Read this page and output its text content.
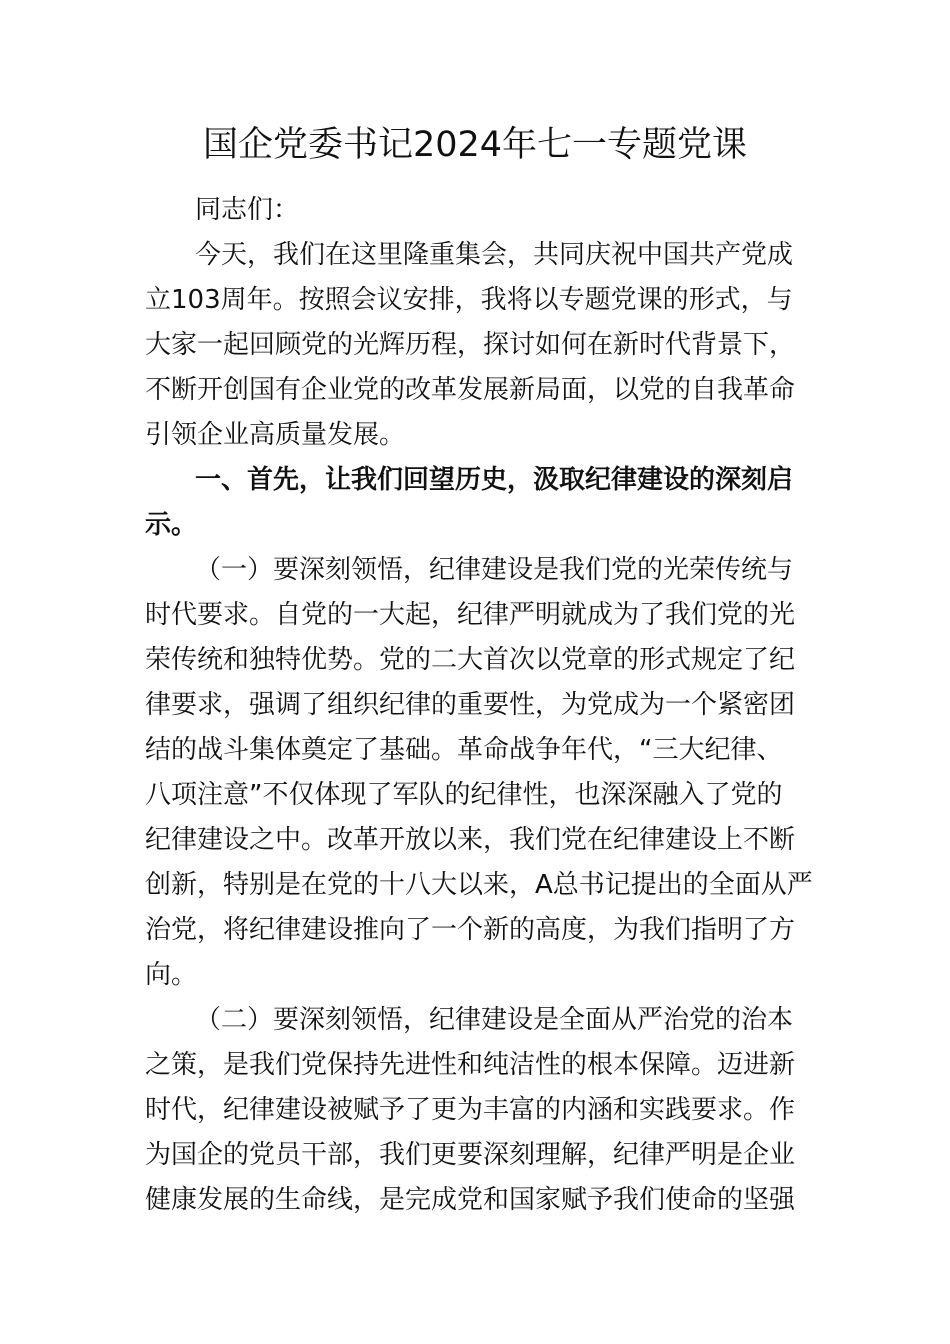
国企党委书记2024年七一专题党课
同志们：
今天，我们在这里隆重集会，共同庆祝中国共产党成
立103周年。按照会议安排，我将以专题党课的形式，与
大家一起回顾党的光辉历程，探讨如何在新时代背景下，
不断开创国有企业党的改革发展新局面，以党的自我革命
引领企业高质量发展。
一、首先，让我们回望历史，汲取纪律建设的深刻启
示。
（一）要深刻领悟，纪律建设是我们党的光荣传统与
时代要求。自党的一大起，纪律严明就成为了我们党的光
荣传统和独特优势。党的二大首次以党章的形式规定了纪
律要求，强调了组织纪律的重要性，为党成为一个紧密团
结的战斗集体奠定了基础。革命战争年代，“三大纪律、
八项注意”不仅体现了军队的纪律性，也深深融入了党的
纪律建设之中。改革开放以来，我们党在纪律建设上不断
创新，特别是在党的十八大以来，A总书记提出的全面从严
治党，将纪律建设推向了一个新的高度，为我们指明了方
向。
（二）要深刻领悟，纪律建设是全面从严治党的治本
之策，是我们党保持先进性和纯洁性的根本保障。迈进新
时代，纪律建设被赋予了更为丰富的内涵和实践要求。作
为国企的党员干部，我们更要深刻理解，纪律严明是企业
健康发展的生命线，是完成党和国家赋予我们使命的坚强
